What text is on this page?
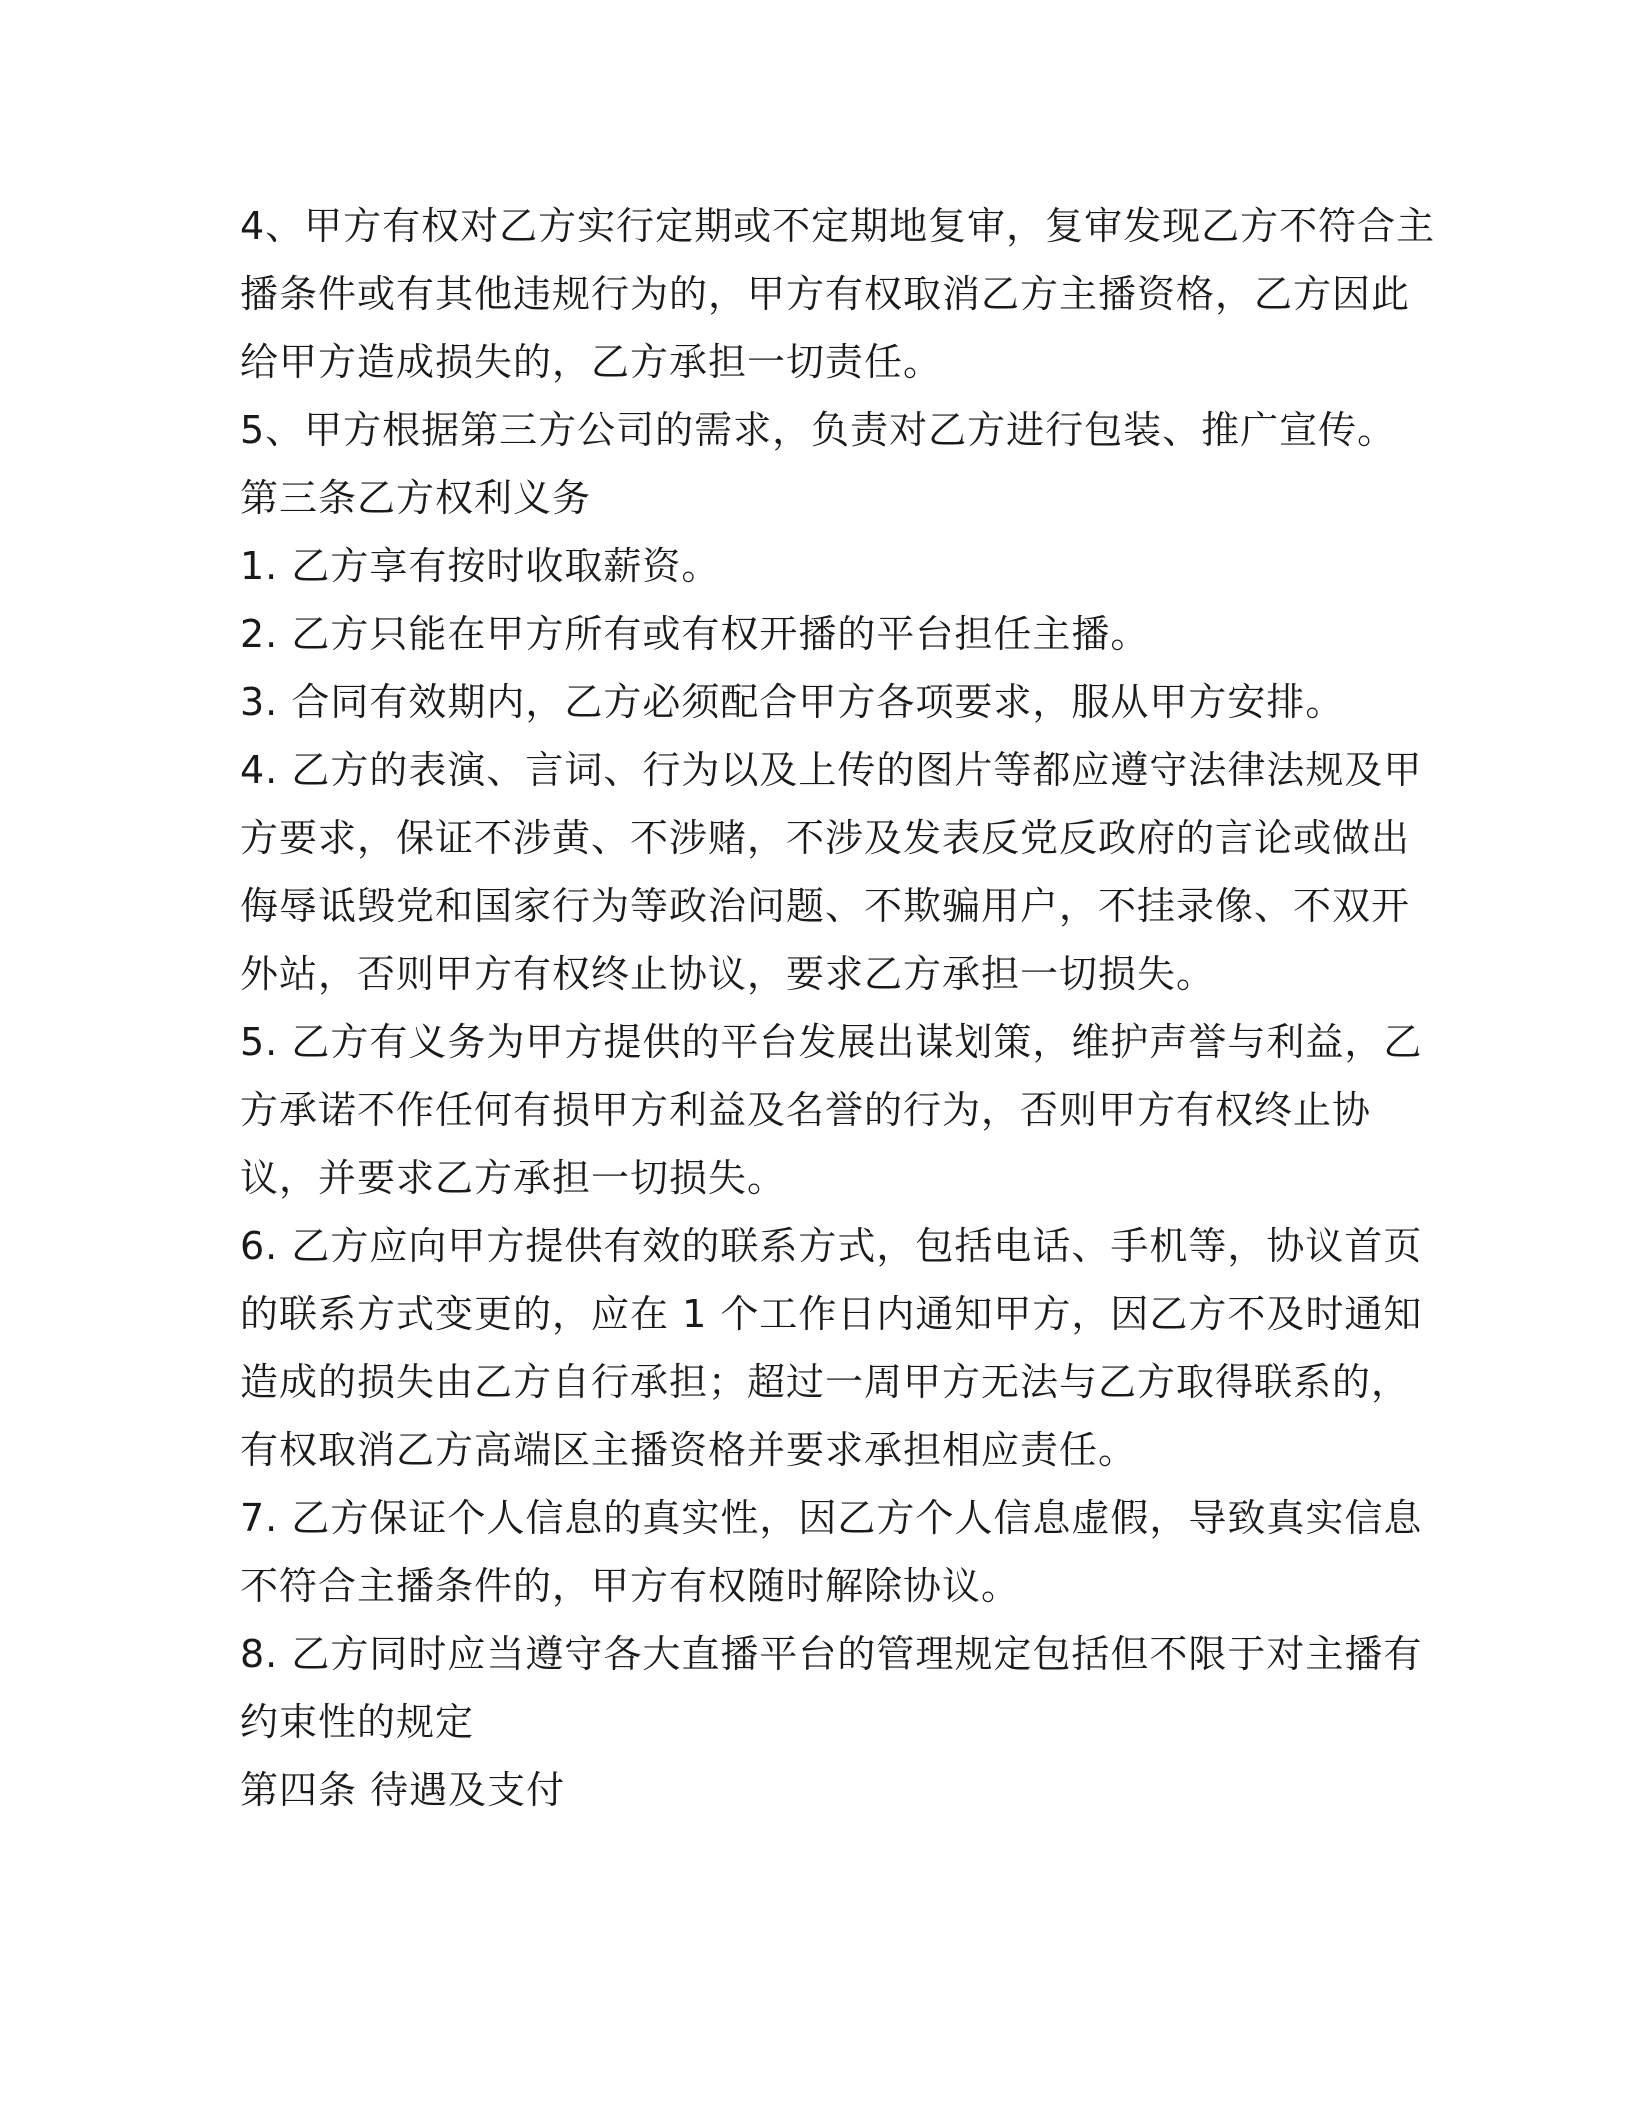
4、甲方有权对乙方实行定期或不定期地复审，复审发现乙方不符合主
播条件或有其他违规行为的，甲方有权取消乙方主播资格，乙方因此
给甲方造成损失的，乙方承担一切责任。
5、甲方根据第三方公司的需求，负责对乙方进行包装、推广宣传。
第三条乙方权利义务
1. 乙方享有按时收取薪资。
2. 乙方只能在甲方所有或有权开播的平台担任主播。
3. 合同有效期内，乙方必须配合甲方各项要求，服从甲方安排。
4. 乙方的表演、言词、行为以及上传的图片等都应遵守法律法规及甲
方要求，保证不涉黄、不涉赌，不涉及发表反党反政府的言论或做出
侮辱诋毁党和国家行为等政治问题、不欺骗用户，不挂录像、不双开
外站，否则甲方有权终止协议，要求乙方承担一切损失。
5. 乙方有义务为甲方提供的平台发展出谋划策，维护声誉与利益，乙
方承诺不作任何有损甲方利益及名誉的行为，否则甲方有权终止协
议，并要求乙方承担一切损失。
6. 乙方应向甲方提供有效的联系方式，包括电话、手机等，协议首页
的联系方式变更的，应在 1 个工作日内通知甲方，因乙方不及时通知
造成的损失由乙方自行承担；超过一周甲方无法与乙方取得联系的，
有权取消乙方高端区主播资格并要求承担相应责任。
7. 乙方保证个人信息的真实性，因乙方个人信息虚假，导致真实信息
不符合主播条件的，甲方有权随时解除协议。
8. 乙方同时应当遵守各大直播平台的管理规定包括但不限于对主播有
约束性的规定
第四条 待遇及支付
